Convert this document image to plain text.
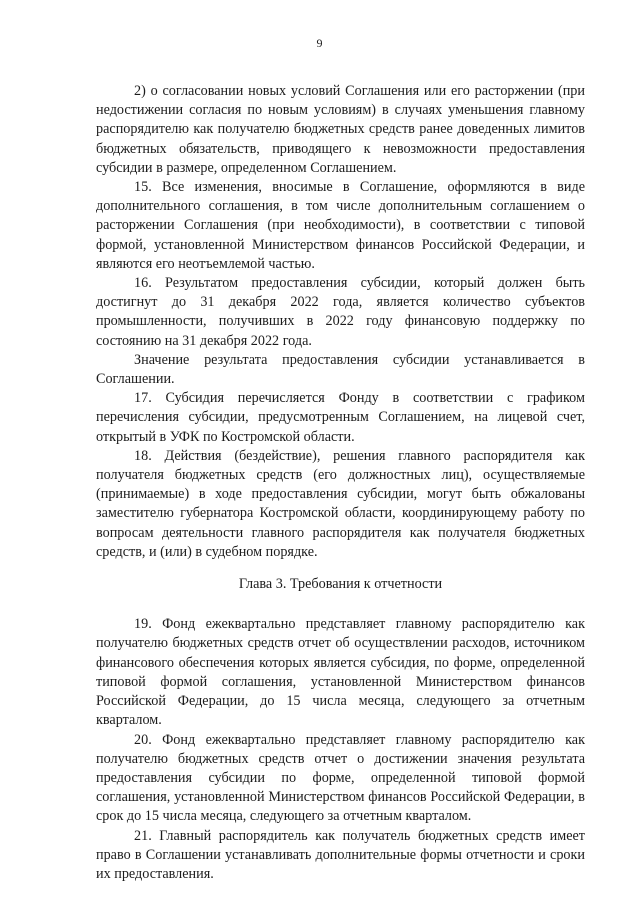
9

2) о согласовании новых условий Соглашения или его расторжении (при недостижении согласия по новым условиям) в случаях уменьшения главному распорядителю как получателю бюджетных средств ранее доведенных лимитов бюджетных обязательств, приводящего к невозможности предоставления субсидии в размере, определенном Соглашением.

15. Все изменения, вносимые в Соглашение, оформляются в виде дополнительного соглашения, в том числе дополнительным соглашением о расторжении Соглашения (при необходимости), в соответствии с типовой формой, установленной Министерством финансов Российской Федерации, и являются его неотъемлемой частью.

16. Результатом предоставления субсидии, который должен быть достигнут до 31 декабря 2022 года, является количество субъектов промышленности, получивших в 2022 году финансовую поддержку по состоянию на 31 декабря 2022 года.

Значение результата предоставления субсидии устанавливается в Соглашении.

17. Субсидия перечисляется Фонду в соответствии с графиком перечисления субсидии, предусмотренным Соглашением, на лицевой счет, открытый в УФК по Костромской области.

18. Действия (бездействие), решения главного распорядителя как получателя бюджетных средств (его должностных лиц), осуществляемые (принимаемые) в ходе предоставления субсидии, могут быть обжалованы заместителю губернатора Костромской области, координирующему работу по вопросам деятельности главного распорядителя как получателя бюджетных средств, и (или) в судебном порядке.

Глава 3. Требования к отчетности

19. Фонд ежеквартально представляет главному распорядителю как получателю бюджетных средств отчет об осуществлении расходов, источником финансового обеспечения которых является субсидия, по форме, определенной типовой формой соглашения, установленной Министерством финансов Российской Федерации, до 15 числа месяца, следующего за отчетным кварталом.

20. Фонд ежеквартально представляет главному распорядителю как получателю бюджетных средств отчет о достижении значения результата предоставления субсидии по форме, определенной типовой формой соглашения, установленной Министерством финансов Российской Федерации, в срок до 15 числа месяца, следующего за отчетным кварталом.

21. Главный распорядитель как получатель бюджетных средств имеет право в Соглашении устанавливать дополнительные формы отчетности и сроки их предоставления.
